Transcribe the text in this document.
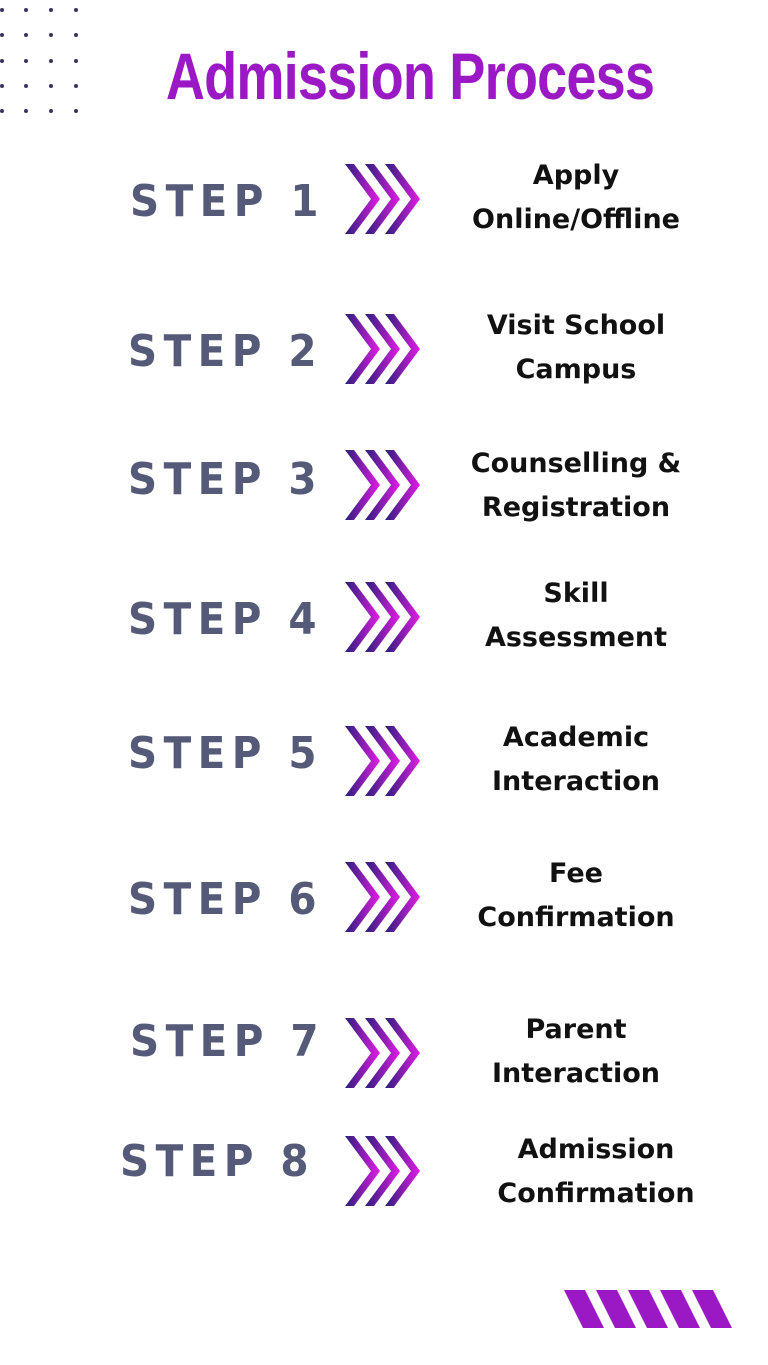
Admission Process
STEP 1
Apply
Online/Offline
STEP 2
Visit School
Campus
STEP 3	Counselling &
Registration
STEP 4
Skill
Assessment
STEP 5	Academic
Interaction
STEP 6
Fee
Confirmation
STEP 7	Parent
Interaction
STEP 8	Admission
Confirmation
